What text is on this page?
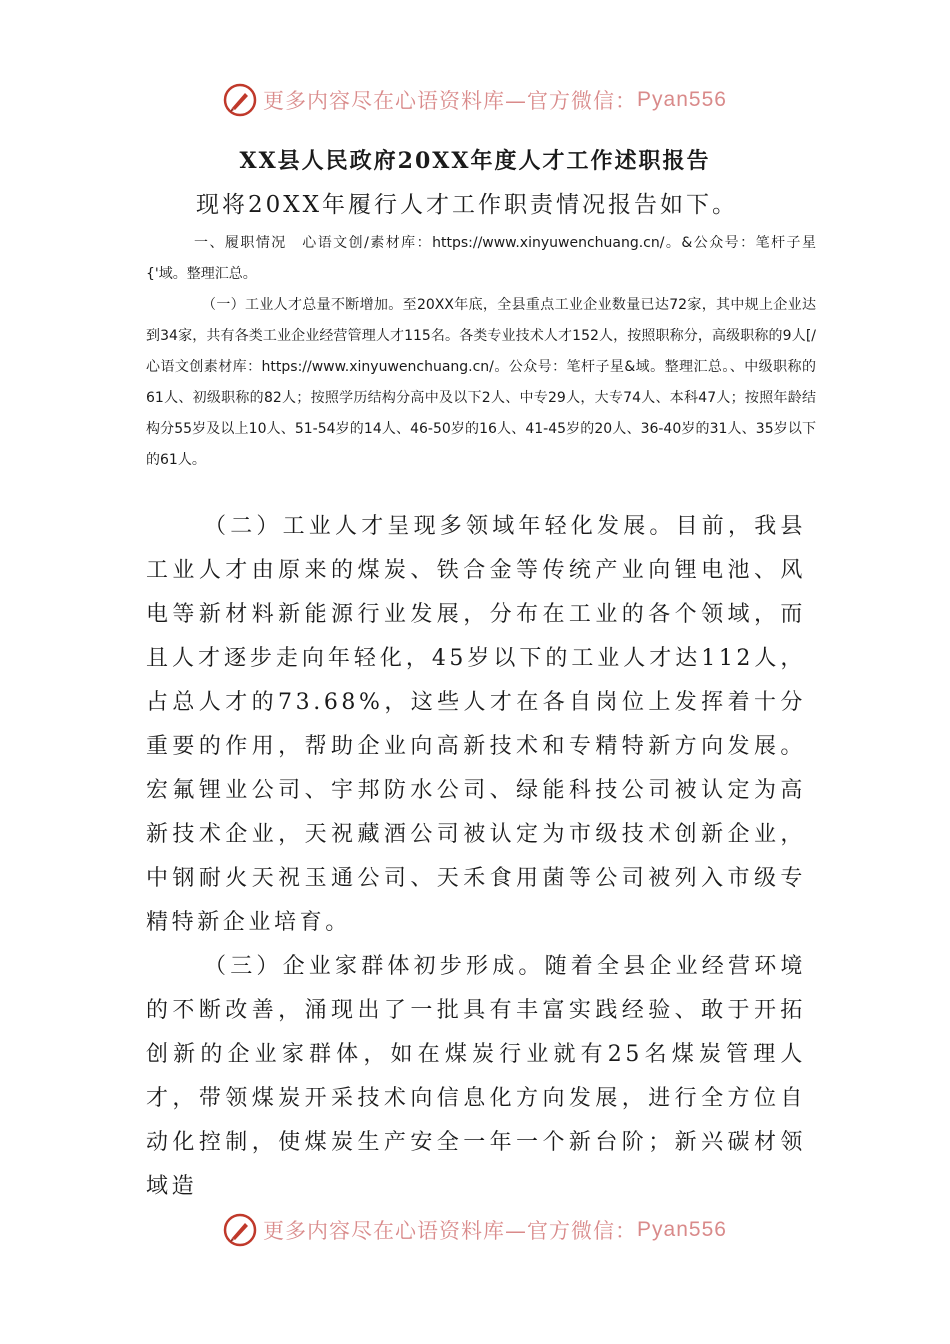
更多内容尽在心语资料库—官方微信： Pyan556
XX县人民政府20XX年度人才工作述职报告
现将20XX年履行人才工作职责情况报告如下。

一、履职情况　心语文创/素材库：https://www.xinyuwenchuang.cn/。&公众号：笔杆子星{'域。整理汇总。

（一）工业人才总量不断增加。至20XX年底，全县重点工业企业数量已达72家，其中规上企业达到34家，共有各类工业企业经营管理人才115名。各类专业技术人才152人，按照职称分，高级职称的9人[/心语文创素材库：https://www.xinyuwenchuang.cn/。公众号：笔杆子星&域。整理汇总。、中级职称的61人、初级职称的82人；按照学历结构分高中及以下2人、中专29人，大专74人、本科47人；按照年龄结构分55岁及以上10人、51-54岁的14人、46-50岁的16人、41-45岁的20人、36-40岁的31人、35岁以下的61人。

（二）工业人才呈现多领域年轻化发展。目前，我县工业人才由原来的煤炭、铁合金等传统产业向锂电池、风电等新材料新能源行业发展，分布在工业的各个领域，而且人才逐步走向年轻化，45岁以下的工业人才达112人，占总人才的73.68%，这些人才在各自岗位上发挥着十分重要的作用，帮助企业向高新技术和专精特新方向发展。宏氟锂业公司、宇邦防水公司、绿能科技公司被认定为高新技术企业，天祝藏酒公司被认定为市级技术创新企业，中钢耐火天祝玉通公司、天禾食用菌等公司被列入市级专精特新企业培育。

（三）企业家群体初步形成。随着全县企业经营环境的不断改善，涌现出了一批具有丰富实践经验、敢于开拓创新的企业家群体，如在煤炭行业就有25名煤炭管理人才，带领煤炭开采技术向信息化方向发展，进行全方位自动化控制，使煤炭生产安全一年一个新台阶；新兴碳材领域造

更多内容尽在心语资料库—官方微信： Pyan556
